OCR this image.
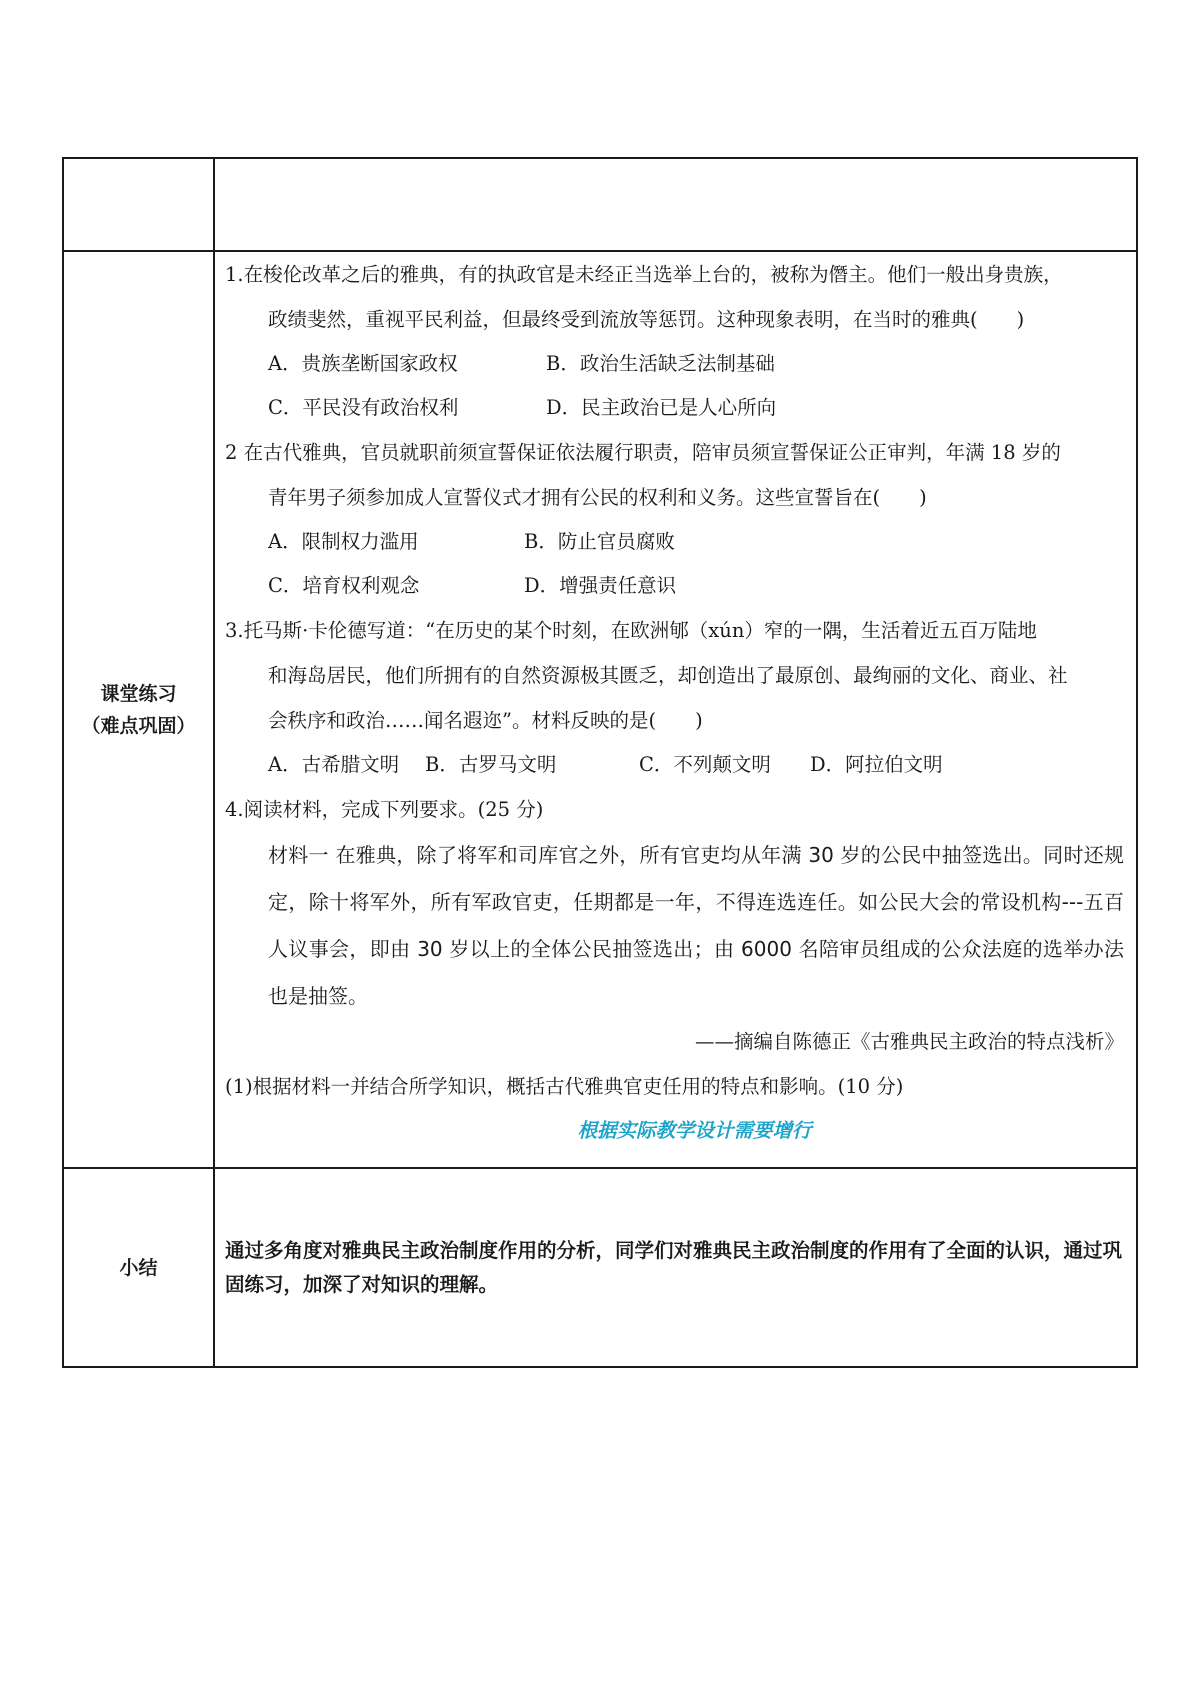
课堂练习
（难点巩固）
1.在梭伦改革之后的雅典，有的执政官是未经正当选举上台的，被称为僭主。他们一般出身贵族，
政绩斐然，重视平民利益，但最终受到流放等惩罚。这种现象表明，在当时的雅典(　　)
A．贵族垄断国家政权	B．政治生活缺乏法制基础
C．平民没有政治权利	D．民主政治已是人心所向
2 在古代雅典，官员就职前须宣誓保证依法履行职责，陪审员须宣誓保证公正审判，年满 18 岁的
青年男子须参加成人宣誓仪式才拥有公民的权利和义务。这些宣誓旨在(　　)
A．限制权力滥用	B．防止官员腐败
C．培育权利观念	D．增强责任意识
3.托马斯·卡伦德写道：“在历史的某个时刻，在欧洲郇（xún）窄的一隅，生活着近五百万陆地
和海岛居民，他们所拥有的自然资源极其匮乏，却创造出了最原创、最绚丽的文化、商业、社
会秩序和政治……闻名遐迩”。材料反映的是(　　)
A．古希腊文明	B．古罗马文明	C．不列颠文明	D．阿拉伯文明
4.阅读材料，完成下列要求。(25 分)
材料一 在雅典，除了将军和司库官之外，所有官吏均从年满 30 岁的公民中抽签选出。同时还规定，除十将军外，所有军政官吏，任期都是一年，不得连选连任。如公民大会的常设机构---五百人议事会，即由 30 岁以上的全体公民抽签选出；由 6000 名陪审员组成的公众法庭的选举办法也是抽签。
——摘编自陈德正《古雅典民主政治的特点浅析》
(1)根据材料一并结合所学知识，概括古代雅典官吏任用的特点和影响。(10 分)
根据实际教学设计需要增行
小结
通过多角度对雅典民主政治制度作用的分析，同学们对雅典民主政治制度的作用有了全面的认识，通过巩固练习，加深了对知识的理解。
